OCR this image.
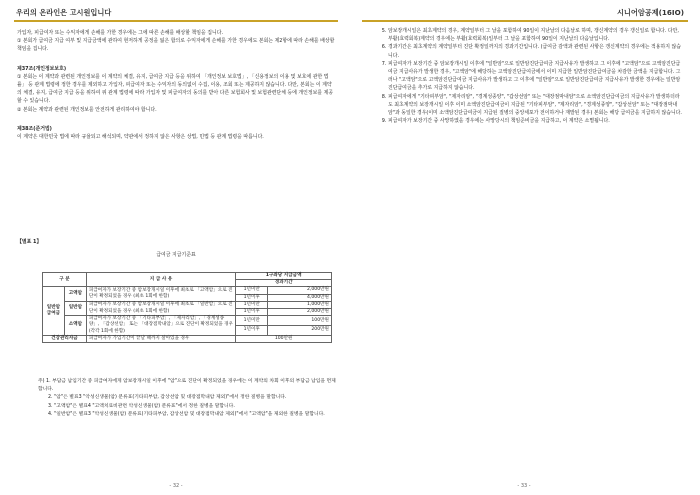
우리의 온라인은 고시원입니다

가입자, 피급여자 또는 수익자에게 손해를 가한 경우에는 그에 따른 손해를 배상할 책임을 집니다.

① 본회가 급여금 지급 여부 및 지급금액에 관하여 현저하게 공정을 잃은 합의로 수익자에게 손해를 가한 경우에도 본회는 제2항에 따라 손해를 배상할 책임을 집니다.

제37조(개인정보보호)

① 본회는 이 계약과 관련된 개인정보를 이 계약의 체결, 유지, 급여금 지급 등을 위하여 「개인정보 보호법」, 「신용정보의 이용 및 보호에 관한 법률」 등 관계 법령에 정한 경우를 제외하고 가입자, 피급여자 또는 수익자의 동의없이 수집, 이용, 조회 또는 제공하지 않습니다. 다만, 본회는 이 계약의 체결, 유지, 급여금 지급 등을 위하여 위 관계 법령에 따라 가입자 및 피급여자의 동의를 받아 다른 보험회사 및 보험관련단체 등에 개인정보를 제공할 수 있습니다.

② 본회는 계약과 관련된 개인정보를 안전하게 관리하여야 합니다.

제38조(준거법)

이 계약은 대한민국 법에 따라 규율되고 해석되며, 약관에서 정하지 않은 사항은 상법, 민법 등 관계 법령을 따릅니다.

【별표 1】
급여금 지급기준표
구 분		지 급 사 유	1구좌당 지급금액	
			경과기간	
일반암 급여금	고액암	피급여자가 보장기간 중 암보장개시일 이후에 최초로 「고액암」으로 진단이 확정되었을 경우 (최초 1회에 한함)	1년미만	2,000만원
			1년이후	4,000만원
	일반암	피급여자가 보장기간 중 암보장개시일 이후에 최초로 「일반암」으로 진단이 확정되었을 경우 (최초 1회에 한함)	1년미만	1,000만원
			1년이후	2,000만원
	소액암	피급여자가 보장기간 중 「기타피부암」, 「제자리암」, 「경계성종양」, 「갑상선암」 또는 「대장점막내암」으로 진단이 확정되었을 경우 (각각 1회에 한함)	1년미만	100만원
			1년이후	200만원
건강관리자금		피급여자가 가입기간이 끝날 때까지 살아있을 경우	100만원	

주) 1. 부담금 납입기간 중 피급여자에게 암보장개시일 이후에 "암"으로 진단이 확정되었을 경우에는 이 계약의 차회 이후의 부담금 납입을 면제합니다.

2. "암"은 별표3 "악성신생물(암) 분류표(기타피부암, 갑상선암 및 대장점막내암 제외)"에서 정한 질병을 말합니다.

3. "고액암"은 별표4 "고액치료비관련 악성신생물(암) 분류표"에서 정한 질병을 말합니다.

4. "일반암"은 별표3 "악성신생물(암) 분류표(기타피부암, 갑상선암 및 대장점막내암 제외)"에서 "고액암"을 제외한 질병을 말합니다.

- 32 -
시니어암공제(16IO)
5. 암보장개시일은 최초계약의 경우, 계약일부터 그 날을 포함하여 90일이 지난날의 다음날로 하며, 갱신계약의 경우 갱신일로 합니다. 다만, 부활(효력회복)계약의 경우에는 부활(효력회복)일부터 그 날을 포함하여 90일이 지난날의 다음날입니다.
6. 경과기간은 최초계약의 계약일부터 진단 확정일까지의 경과기간입니다. (급여금 감액과 관련된 사항은 갱신계약의 경우에는 적용하지 않습니다.
7. 피급여자가 보장기간 중 암보장개시일 이후에 "일반암"으로 일반암진단급여금 지급사유가 발생하고 그 이후에 "고액암"으로 고액암진단급여금 지급사유가 발생한 경우, "고액암"에 해당하는 고액암진단급여금에서 이미 지급한 일반암진단급여금을 차감한 금액을 지급합니다. 그러나 "고액암"으로 고액암진단급여금 지급사유가 발생하고 그 이후에 "일반암"으로 일반암진단급여금 지급사유가 발생한 경우에는 일반암진단급여금을 추가로 지급하지 않습니다.
8. 피급여자에게 "기타피부암", "제자리암", "경계성종양", "갑상선암" 또는 "대장점막내암"으로 소액암진단급여금의 지급사유가 발생하더라도 최초계약의 보장개시일 이후 이미 소액암진단급여금이 지급된 "기타피부암", "제자리암", "경계성종양", "갑상선암" 또는 "대장점막내암"과 동일한 경우(이미 소액암진단급여금이 지급된 질병의 중앙세포가 전이하거나 재발된 경우) 본회는 해당 급여금을 지급하지 않습니다.
9. 피급여자가 보장기간 중 사망하였을 경우에는 사망당시의 책임준비금을 지급하고, 이 계약은 소멸됩니다.
- 33 -
